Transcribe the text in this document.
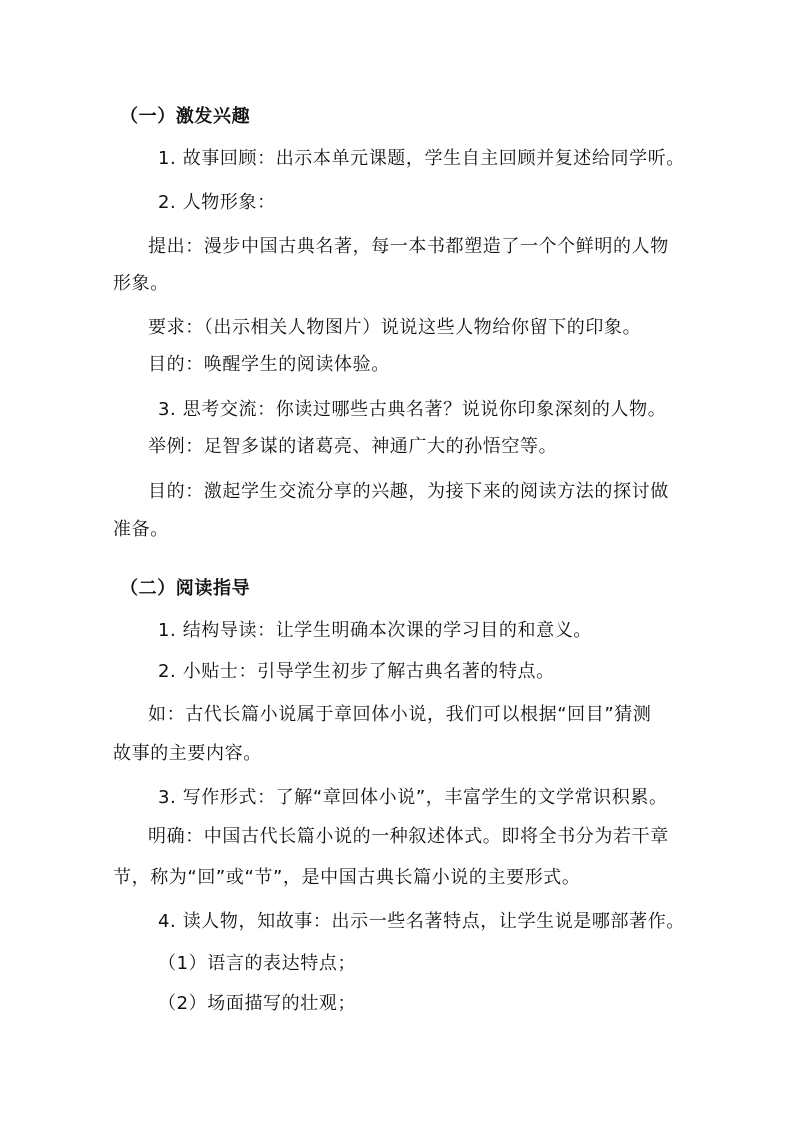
（一）激发兴趣
1. 故事回顾：出示本单元课题，学生自主回顾并复述给同学听。
2. 人物形象：
提出：漫步中国古典名著，每一本书都塑造了一个个鲜明的人物
形象。
要求：（出示相关人物图片）说说这些人物给你留下的印象。
目的：唤醒学生的阅读体验。
3. 思考交流：你读过哪些古典名著？说说你印象深刻的人物。
举例：足智多谋的诸葛亮、神通广大的孙悟空等。
目的：激起学生交流分享的兴趣，为接下来的阅读方法的探讨做
准备。
（二）阅读指导
1. 结构导读：让学生明确本次课的学习目的和意义。
2. 小贴士：引导学生初步了解古典名著的特点。
如：古代长篇小说属于章回体小说，我们可以根据“回目”猜测
故事的主要内容。
3. 写作形式：了解“章回体小说”，丰富学生的文学常识积累。
明确：中国古代长篇小说的一种叙述体式。即将全书分为若干章
节，称为“回”或“节”，是中国古典长篇小说的主要形式。
4. 读人物，知故事：出示一些名著特点，让学生说是哪部著作。
（1）语言的表达特点；
（2）场面描写的壮观；
